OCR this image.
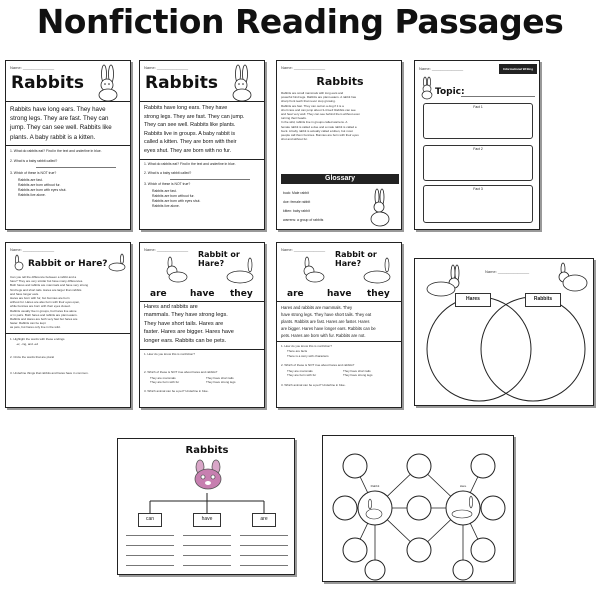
Nonfiction Reading Passages
Name: ______________
Rabbits
Rabbits have long ears. They have
strong legs. They are fast. They can
jump. They can see well. Rabbits like
plants. A baby rabbit is a kitten.
1. What do rabbits eat? Find in the text and underline in blue.
2. What is a baby rabbit called?
3. Which of these is NOT true?
Rabbits are fast.
Rabbits are born without fur.
Rabbits are born with eyes shut.
Rabbits live alone.
Name: ______________
Rabbits
Rabbits have long ears. They have
strong legs. They are fast. They can jump.
They can see well. Rabbits like plants.
Rabbits live in groups. A baby rabbit is
called a kitten. They are born with their
eyes shut. They are born with no fur.
1. What do rabbits eat? Find in the text and underline in blue.
2. What is a baby rabbit called?
3. Which of these is NOT true?
Rabbits are fast.
Rabbits are born without fur.
Rabbits are born with eyes shut.
Rabbits live alone.
Name: ______________
Rabbits
Rabbits are small mammals with long ears and
powerful hind legs. Rabbits are plant eaters. A rabbit has
sharp front teeth that never stop growing.
Rabbits are fast. They can outrun a dog if it is a
short race and can jump about 3-4 feet! Rabbits can see
and hear very well. They can see behind them without even
turning their heads.
In the wild, rabbits live in groups called warrens. A
female rabbit is called a doe and a male rabbit is called a
buck. A baby rabbit is actually called a kitten, but most
people call them bunnies. Bunnies are born with their eyes
shut and without fur.
Glossary
buck: Male rabbit
doe: female rabbit
kitten: baby rabbit
warrens: a group of rabbits
Name: ______________	Informational Writing
Topic:
Fact 1
Fact 2
Fact 3
Name: ______________
Rabbit or Hare?
Can you tell the difference between a rabbit and a
hare? They are very similar but have many differences.
Both hares and rabbits are mammals and have very strong
hind legs and short tails. Hares are larger than rabbits
and have longer ears.
Hares are born with fur, but bunnies are born
without fur. Hares are also born with their eyes open,
while bunnies are born with their eyes closed.
Rabbits usually live in groups, but hares live alone
or in pairs. Both hares and rabbits are plant eaters.
Rabbits and Hares are both very fast but hares are
faster. Rabbits can be kept
as pets, but hares only live in the wild.
1. Highlight the words with these endings
-er, -ing, and -ed
2. Circle the words that are plural
3. Underline things that rabbits and hares have in common.
Name: ______________
Rabbit or Hare?
are	have they
Hares and rabbits are
mammals. They have strong legs.
They have short tails. Hares are
faster. Hares are bigger. Hares have
longer ears. Rabbits can be pets.
1. How do you know this is nonfiction?
2. Which of these is NOT true about hares and rabbits?
They are mammals
They are born with fur
They have short tails
They have strong legs
3. Which animal can be a pet? Underline in blue.
Name: ______________
Rabbit or Hare?
are	have they
Hares and rabbits are mammals. They
have strong legs. They have short tails. They eat
plants. Rabbits are fast. Hares are faster. Hares
are bigger. Hares have longer ears. Rabbits can be
pets. Hares are born with fur. Rabbits are not.
1. How do you know this is nonfiction?
There are facts
There is a story with characters
2. Which of these is NOT true about hares and rabbits?
They are mammals
They are born with fur
They have short tails
They have strong legs
3. Which animal can be a pet? Underline in blue.
Name: ______________
Hares	Rabbits
Rabbits
can	have	are
Rabbit	Hare
